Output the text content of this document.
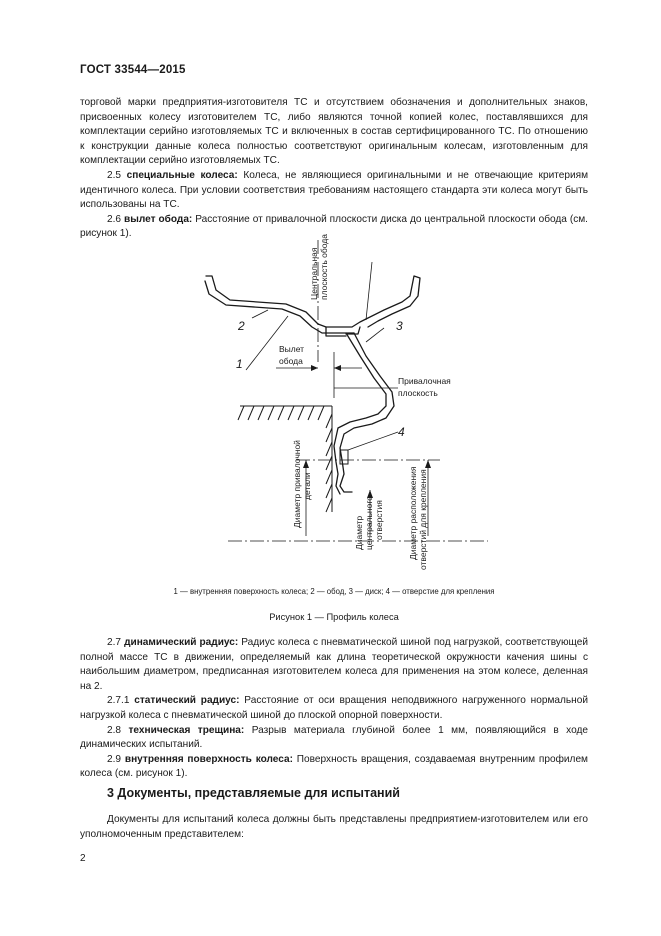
ГОСТ 33544—2015

торговой марки предприятия-изготовителя ТС и отсутствием обозначения и дополнительных знаков, присвоенных колесу изготовителем ТС, либо являются точной копией колес, поставлявшихся для комплектации серийно изготовляемых ТС и включенных в состав сертифицированного ТС. По отношению к конструкции данные колеса полностью соответствуют оригинальным колесам, изготовленным для комплектации серийно изготовляемых ТС.

2.5 специальные колеса: Колеса, не являющиеся оригинальными и не отвечающие критериям идентичного колеса. При условии соответствия требованиям настоящего стандарта эти колеса могут быть использованы на ТС.

2.6 вылет обода: Расстояние от привалочной плоскости диска до центральной плоскости обода (см. рисунок 1).

Центральная плоскость обода
Вылет
обода
Привалочная
плоскость
Диаметр привалочной детали
Диаметр центрального отверстия	Диаметр расположения отверстий для крепления
1
2	3
4
1 — внутренняя поверхность колеса; 2 — обод, 3 — диск; 4 — отверстие для крепления
Рисунок 1 — Профиль колеса

2.7 динамический радиус: Радиус колеса с пневматической шиной под нагрузкой, соответствующей полной массе ТС в движении, определяемый как длина теоретической окружности качения шины с наибольшим диаметром, предписанная изготовителем колеса для применения на этом колесе, деленная на 2.

2.7.1 статический радиус: Расстояние от оси вращения неподвижного нагруженного нормальной нагрузкой колеса с пневматической шиной до плоской опорной поверхности.

2.8 техническая трещина: Разрыв материала глубиной более 1 мм, появляющийся в ходе динамических испытаний.

2.9 внутренняя поверхность колеса: Поверхность вращения, создаваемая внутренним профилем колеса (см. рисунок 1).

3 Документы, представляемые для испытаний

Документы для испытаний колеса должны быть представлены предприятием-изготовителем или его уполномоченным представителем:

2
